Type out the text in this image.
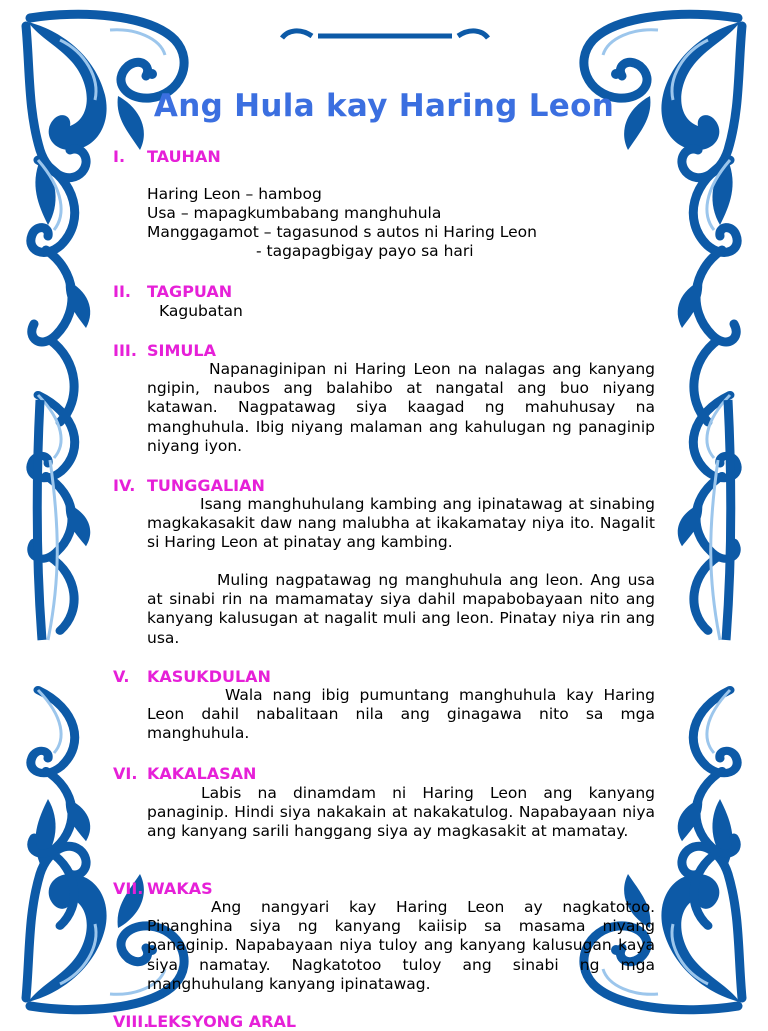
Ang Hula kay Haring Leon
I.	TAUHAN
Haring Leon – hambog
Usa – mapagkumbabang manghuhula
Manggagamot – tagasunod s autos ni Haring Leon
- tagapagbigay payo sa hari
II.	TAGPUAN
Kagubatan
III. SIMULA
Napanaginipan ni Haring Leon na nalagas ang kanyang ngipin, naubos ang balahibo at nangatal ang buo niyang katawan. Nagpatawag siya kaagad ng mahuhusay na manghuhula. Ibig niyang malaman ang kahulugan ng panaginip niyang iyon.
IV. TUNGGALIAN
Isang manghuhulang kambing ang ipinatawag at sinabing magkakasakit daw nang malubha at ikakamatay niya ito. Nagalit si Haring Leon at pinatay ang kambing.
Muling nagpatawag ng manghuhula ang leon. Ang usa at sinabi rin na mamamatay siya dahil mapabobayaan nito ang kanyang kalusugan at nagalit muli ang leon. Pinatay niya rin ang usa.
V.	KASUKDULAN
Wala nang ibig pumuntang manghuhula kay Haring Leon dahil nabalitaan nila ang ginagawa nito sa mga manghuhula.
VI. KAKALASAN
Labis na dinamdam ni Haring Leon ang kanyang panaginip. Hindi siya nakakain at nakakatulog. Napabayaan niya ang kanyang sarili hanggang siya ay magkasakit at mamatay.
VII. WAKAS
Ang nangyari kay Haring Leon ay nagkatotoo. Pinanghina siya ng kanyang kaiisip sa masama niyang panaginip. Napabayaan niya tuloy ang kanyang kalusugan kaya siya namatay. Nagkatotoo tuloy ang sinabi ng mga manghuhulang kanyang ipinatawag.
VIII.
LEKSYONG ARAL
